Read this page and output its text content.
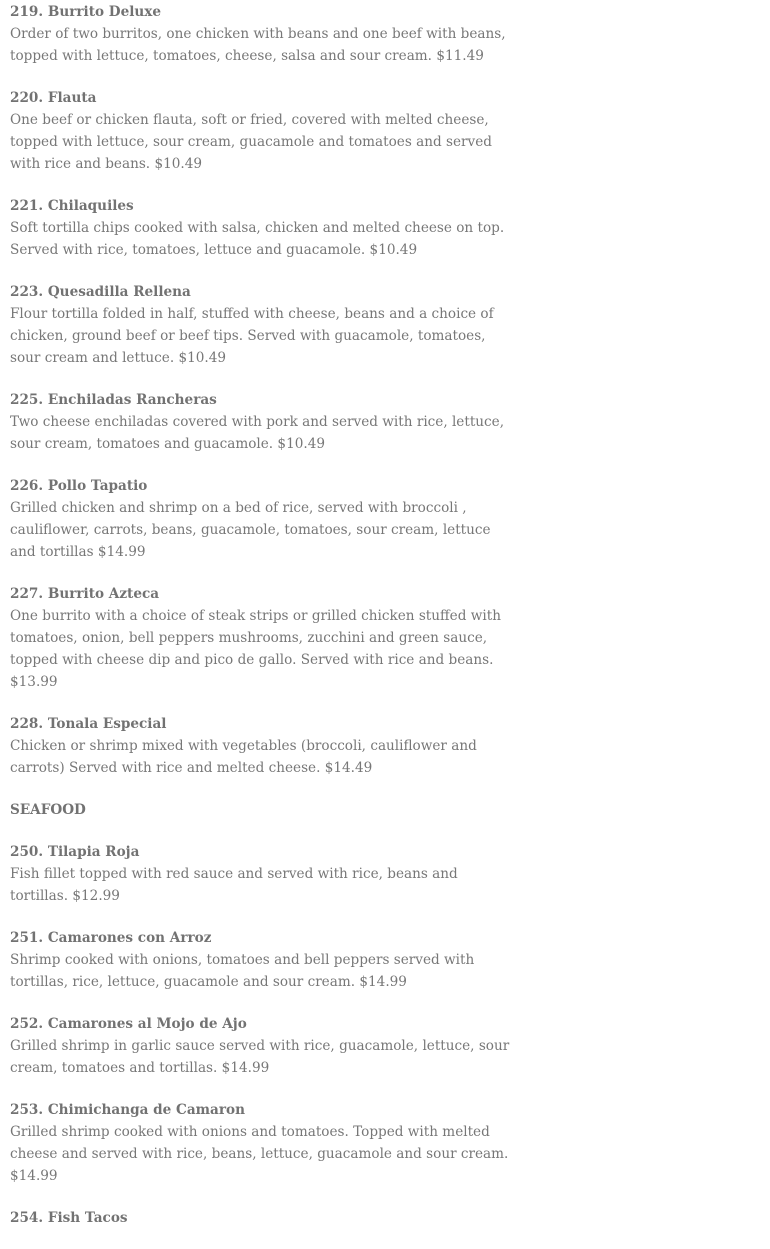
219. Burrito Deluxe

Order of two burritos, one chicken with beans and one beef with beans, topped with lettuce, tomatoes, cheese, salsa and sour cream. $11.49

220. Flauta

One beef or chicken flauta, soft or fried, covered with melted cheese, topped with lettuce, sour cream, guacamole and tomatoes and served with rice and beans. $10.49

221. Chilaquiles

Soft tortilla chips cooked with salsa, chicken and melted cheese on top. Served with rice, tomatoes, lettuce and guacamole. $10.49

223. Quesadilla Rellena

Flour tortilla folded in half, stuffed with cheese, beans and a choice of chicken, ground beef or beef tips. Served with guacamole, tomatoes, sour cream and lettuce. $10.49

225. Enchiladas Rancheras

Two cheese enchiladas covered with pork and served with rice, lettuce, sour cream, tomatoes and guacamole. $10.49

226. Pollo Tapatio

Grilled chicken and shrimp on a bed of rice, served with broccoli , cauliflower, carrots, beans, guacamole, tomatoes, sour cream, lettuce and tortillas $14.99

227. Burrito Azteca

One burrito with a choice of steak strips or grilled chicken stuffed with tomatoes, onion, bell peppers mushrooms, zucchini and green sauce, topped with cheese dip and pico de gallo. Served with rice and beans. $13.99

228. Tonala Especial

Chicken or shrimp mixed with vegetables (broccoli, cauliflower and carrots) Served with rice and melted cheese. $14.49

SEAFOOD

250. Tilapia Roja

Fish fillet topped with red sauce and served with rice, beans and tortillas. $12.99

251. Camarones con Arroz

Shrimp cooked with onions, tomatoes and bell peppers served with tortillas, rice, lettuce, guacamole and sour cream. $14.99

252. Camarones al Mojo de Ajo

Grilled shrimp in garlic sauce served with rice, guacamole, lettuce, sour cream, tomatoes and tortillas. $14.99

253. Chimichanga de Camaron

Grilled shrimp cooked with onions and tomatoes. Topped with melted cheese and served with rice, beans, lettuce, guacamole and sour cream. $14.99

254. Fish Tacos
